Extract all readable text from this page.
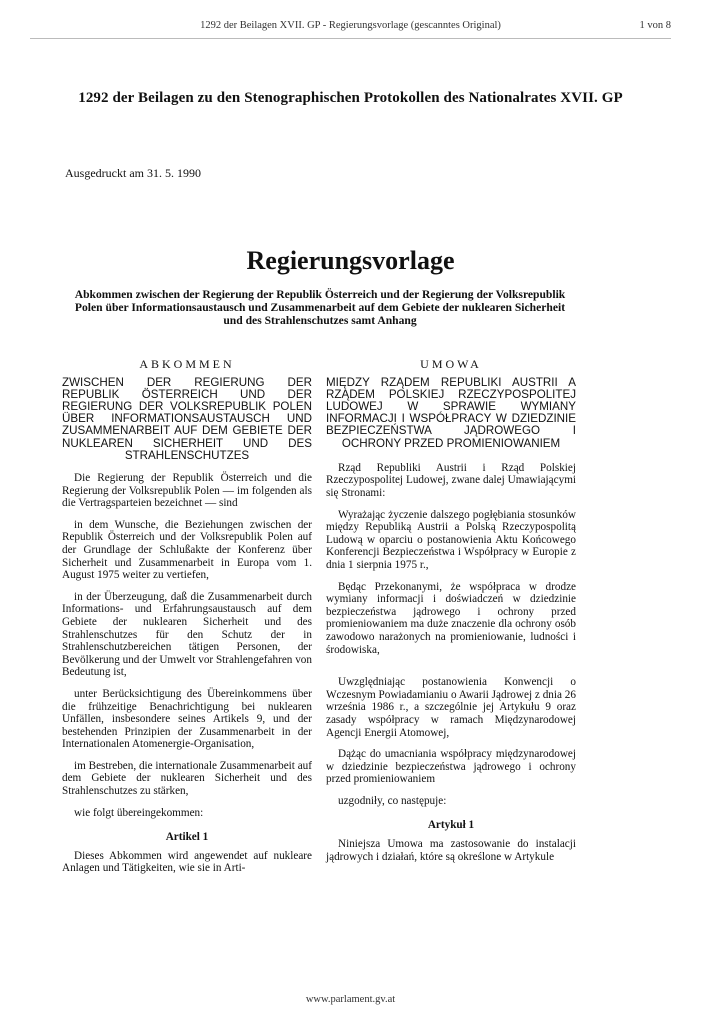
1292 der Beilagen XVII. GP - Regierungsvorlage (gescanntes Original)	1 von 8
1292 der Beilagen zu den Stenographischen Protokollen des Nationalrates XVII. GP
Ausgedruckt am 31. 5. 1990
Regierungsvorlage
Abkommen zwischen der Regierung der Republik Österreich und der Regierung der Volksrepublik Polen über Informationsaustausch und Zusammenarbeit auf dem Gebiete der nuklearen Sicherheit und des Strahlenschutzes samt Anhang
ABKOMMEN
ZWISCHEN DER REGIERUNG DER REPUBLIK ÖSTERREICH UND DER REGIERUNG DER VOLKSREPUBLIK POLEN ÜBER INFORMATIONSAUSTAUSCH UND ZUSAMMENARBEIT AUF DEM GEBIETE DER NUKLEAREN SICHERHEIT UND DES STRAHLENSCHUTZES

Die Regierung der Republik Österreich und die Regierung der Volksrepublik Polen — im folgenden als die Vertragsparteien bezeichnet — sind

in dem Wunsche, die Beziehungen zwischen der Republik Österreich und der Volksrepublik Polen auf der Grundlage der Schlußakte der Konferenz über Sicherheit und Zusammenarbeit in Europa vom 1. August 1975 weiter zu vertiefen,

in der Überzeugung, daß die Zusammenarbeit durch Informations- und Erfahrungsaustausch auf dem Gebiete der nuklearen Sicherheit und des Strahlenschutzes für den Schutz der in Strahlenschutzbereichen tätigen Personen, der Bevölkerung und der Umwelt vor Strahlengefahren von Bedeutung ist,

unter Berücksichtigung des Übereinkommens über die frühzeitige Benachrichtigung bei nuklearen Unfällen, insbesondere seines Artikels 9, und der bestehenden Prinzipien der Zusammenarbeit in der Internationalen Atomenergie-Organisation,

im Bestreben, die internationale Zusammenarbeit auf dem Gebiete der nuklearen Sicherheit und des Strahlenschutzes zu stärken,

wie folgt übereingekommen:

Artikel 1

Dieses Abkommen wird angewendet auf nukleare Anlagen und Tätigkeiten, wie sie in Arti-

UMOWA
MIĘDZY RZĄDEM REPUBLIKI AUSTRII A RZĄDEM POLSKIEJ RZECZYPOSPOLITEJ LUDOWEJ W SPRAWIE WYMIANY INFORMACJI I WSPÓŁPRACY W DZIEDZINIE BEZPIECZEŃSTWA JĄDROWEGO I OCHRONY PRZED PROMIENIOWANIEM

Rząd Republiki Austrii i Rząd Polskiej Rzeczypospolitej Ludowej, zwane dalej Umawiającymi się Stronami:

Wyrażając życzenie dalszego pogłębiania stosunków między Republiką Austrii a Polską Rzeczypospolitą Ludową w oparciu o postanowienia Aktu Końcowego Konferencji Bezpieczeństwa i Współpracy w Europie z dnia 1 sierpnia 1975 r.,

Będąc Przekonanymi, że współpraca w drodze wymiany informacji i doświadczeń w dziedzinie bezpieczeństwa jądrowego i ochrony przed promieniowaniem ma duże znaczenie dla ochrony osób zawodowo narażonych na promieniowanie, ludności i środowiska,

Uwzględniając postanowienia Konwencji o Wczesnym Powiadamianiu o Awarii Jądrowej z dnia 26 września 1986 r., a szczególnie jej Artykułu 9 oraz zasady współpracy w ramach Międzynarodowej Agencji Energii Atomowej,

Dążąc do umacniania współpracy międzynarodowej w dziedzinie bezpieczeństwa jądrowego i ochrony przed promieniowaniem

uzgodniły, co następuje:

Artykuł 1

Niniejsza Umowa ma zastosowanie do instalacji jądrowych i działań, które są określone w Artykule

www.parlament.gv.at
